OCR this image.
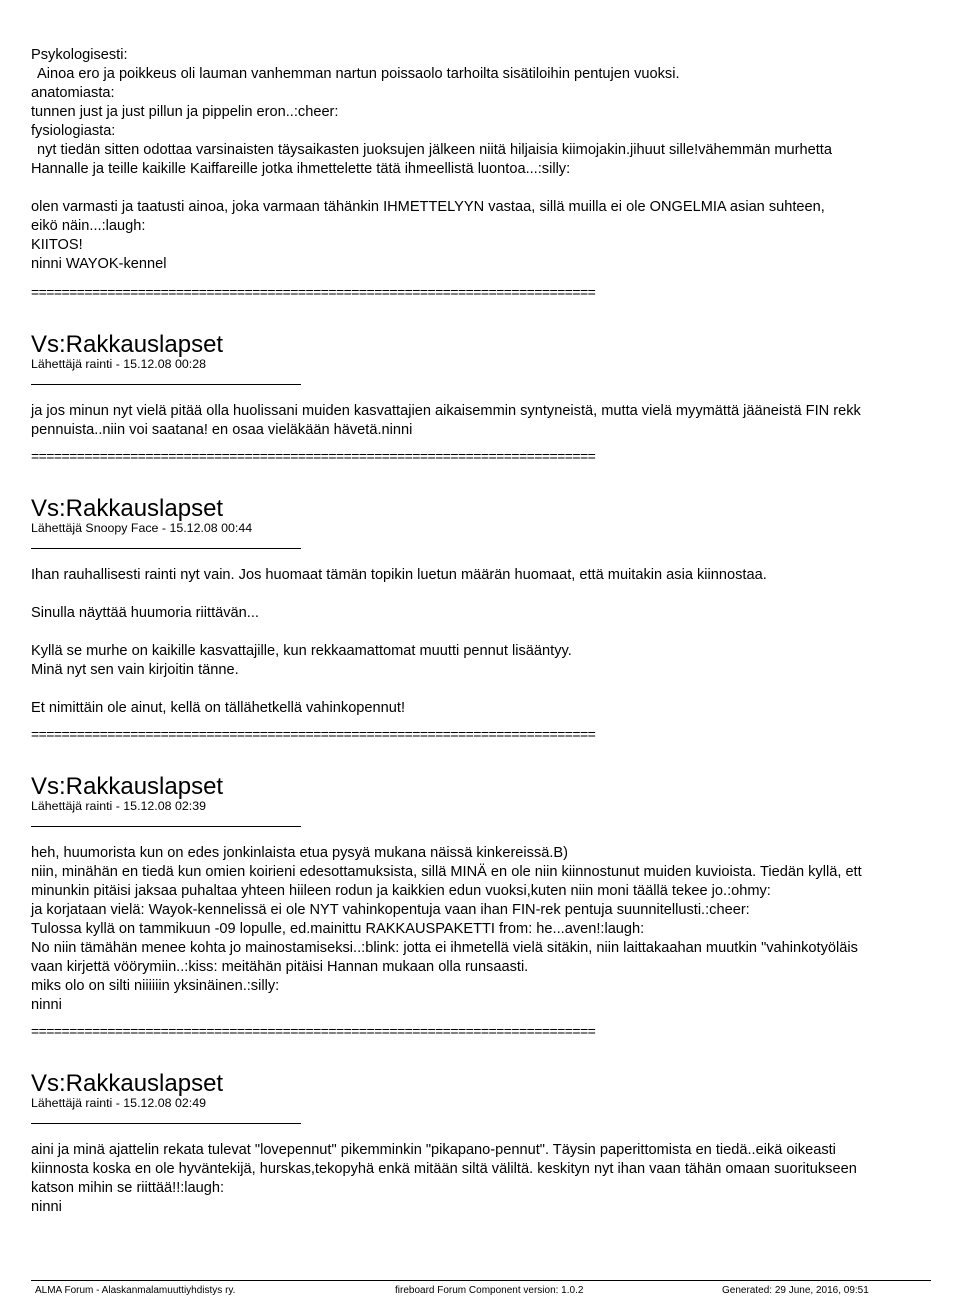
Psykologisesti:
Ainoa ero ja poikkeus oli lauman vanhemman nartun poissaolo tarhoilta sisätiloihin pentujen vuoksi.
anatomiasta:
tunnen just ja just pillun ja pippelin eron..:cheer:
fysiologiasta:
nyt tiedän sitten odottaa varsinaisten täysaikasten juoksujen jälkeen niitä hiljaisia kiimojakin.jihuut sille!vähemmän murhetta
Hannalle ja teille kaikille Kaiffareille jotka ihmettelette tätä ihmeellistä luontoa...:silly:
olen varmasti ja taatusti ainoa, joka varmaan tähänkin IHMETTELYYN vastaa, sillä muilla ei ole ONGELMIA asian suhteen,
eikö näin...:laugh:
KIITOS!
ninni WAYOK-kennel
==========================================================================
Vs:Rakkauslapset
Lähettäjä rainti - 15.12.08 00:28
ja jos minun nyt vielä pitää olla huolissani muiden kasvattajien aikaisemmin syntyneistä, mutta vielä myymättä jääneistä FIN rekk
pennuista..niin voi saatana! en osaa vieläkään hävetä.ninni
==========================================================================
Vs:Rakkauslapset
Lähettäjä Snoopy Face - 15.12.08 00:44
Ihan rauhallisesti rainti nyt vain. Jos huomaat tämän topikin luetun määrän huomaat, että muitakin asia kiinnostaa.
Sinulla näyttää huumoria riittävän...
Kyllä se murhe on kaikille kasvattajille, kun rekkaamattomat muutti pennut lisääntyy.
Minä nyt sen vain kirjoitin tänne.
Et nimittäin ole ainut, kellä on tällähetkellä vahinkopennut!
==========================================================================
Vs:Rakkauslapset
Lähettäjä rainti - 15.12.08 02:39
heh, huumorista kun on edes jonkinlaista etua pysyä mukana näissä kinkereissä.B)
niin, minähän en tiedä kun omien koirieni edesottamuksista, sillä MINÄ en ole niin kiinnostunut muiden kuvioista. Tiedän kyllä, ett
minunkin pitäisi jaksaa puhaltaa yhteen hiileen rodun ja kaikkien edun vuoksi,kuten niin moni täällä tekee jo.:ohmy:
ja korjataan vielä: Wayok-kennelissä ei ole NYT vahinkopentuja vaan ihan FIN-rek pentuja suunnitellusti.:cheer:
Tulossa kyllä on tammikuun -09 lopulle, ed.mainittu RAKKAUSPAKETTI from: he...aven!:laugh:
No niin tämähän menee kohta jo mainostamiseksi..:blink: jotta ei ihmetellä vielä sitäkin, niin laittakaahan muutkin "vahinkotyöläis
vaan kirjettä vöörymiin..:kiss: meitähän pitäisi Hannan mukaan olla runsaasti.
miks olo on silti niiiiiin yksinäinen.:silly:
ninni
==========================================================================
Vs:Rakkauslapset
Lähettäjä rainti - 15.12.08 02:49
aini ja minä ajattelin rekata tulevat "lovepennut" pikemminkin "pikapano-pennut". Täysin paperittomista en tiedä..eikä oikeasti
kiinnosta koska en ole hyväntekijä, hurskas,tekopyhä enkä mitään siltä väliltä. keskityn nyt ihan vaan tähän omaan suoritukseen
katson mihin se riittää!!:laugh:
ninni
ALMA Forum - Alaskanmalamuuttiyhdistys ry.	fireboard Forum Component version: 1.0.2	Generated: 29 June, 2016, 09:51
